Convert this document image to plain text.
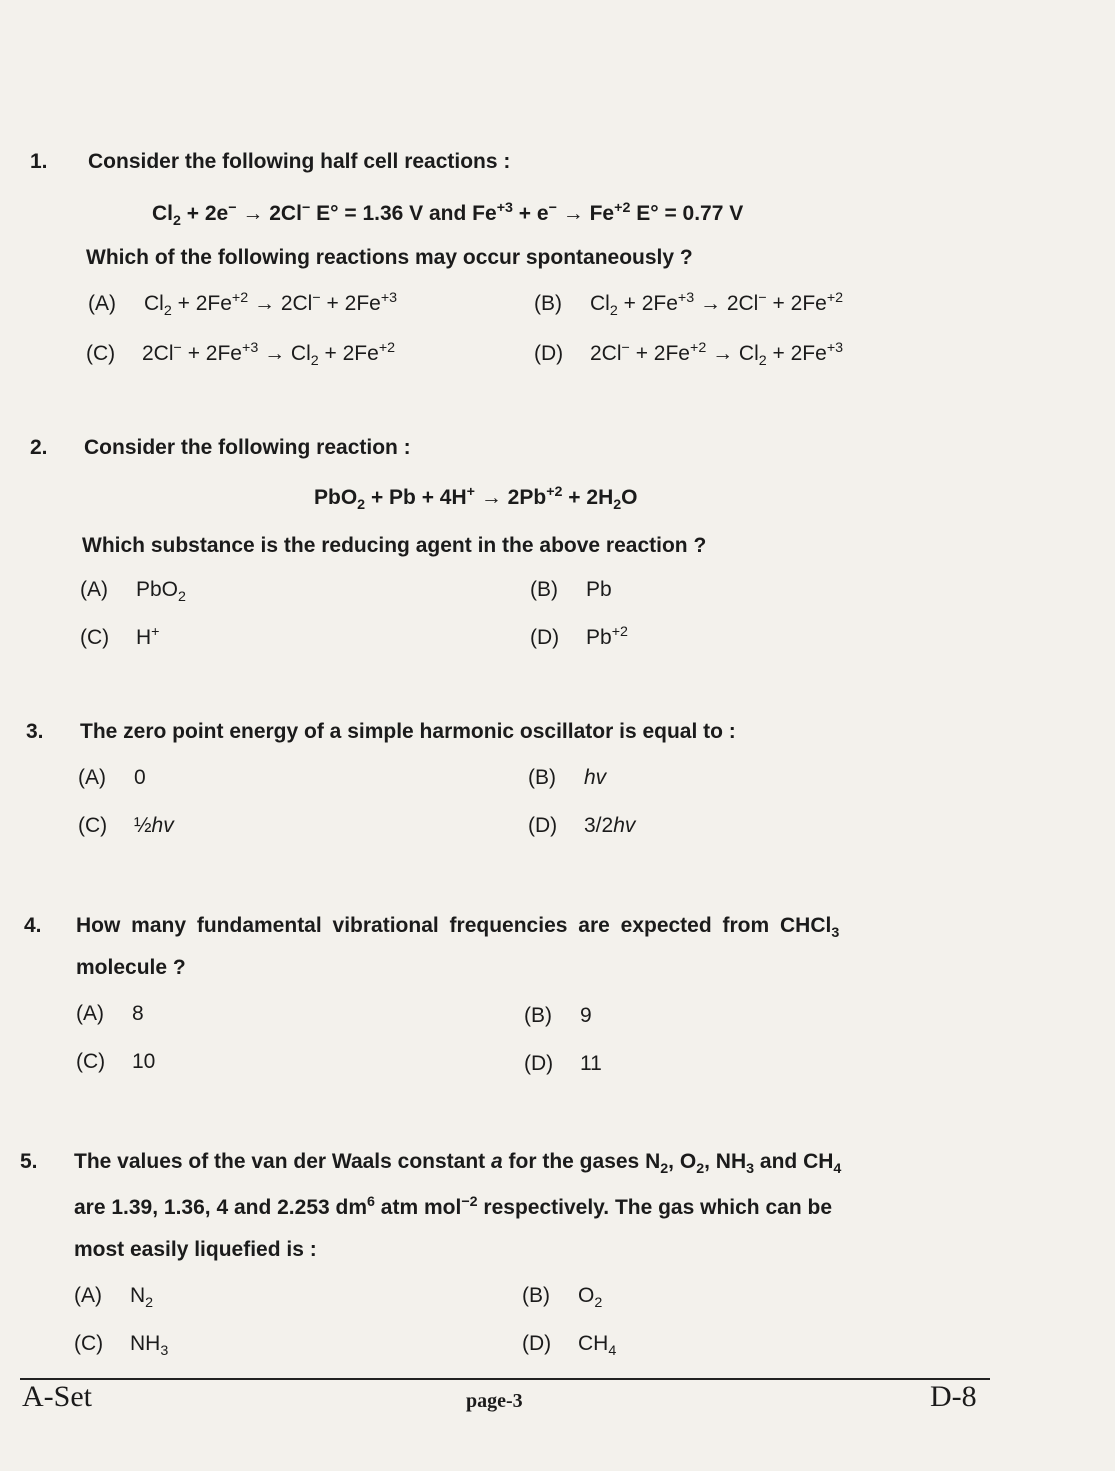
1. Consider the following half cell reactions :
$Cl_2 + 2e^- \to 2Cl^-$ E° = 1.36 V and $Fe^{+3} + e^- \to Fe^{+2}$ E° = 0.77 V
Which of the following reactions may occur spontaneously ?
(A) $Cl_2 + 2Fe^{+2} \to 2Cl^- + 2Fe^{+3}$	(B) $Cl_2 + 2Fe^{+3} \to 2Cl^- + 2Fe^{+2}$
(C) $2Cl^- + 2Fe^{+3} \to Cl_2 + 2Fe^{+2}$	(D) $2Cl^- + 2Fe^{+2} \to Cl_2 + 2Fe^{+3}$
2. Consider the following reaction :
$PbO_2 + Pb + 4H^+ \to 2Pb^{+2} + 2H_2O$
Which substance is the reducing agent in the above reaction ?
(A) PbO$_2$	(B) Pb
(C) H+	(D) $Pb^{+2}$
3. The zero point energy of a simple harmonic oscillator is equal to :
(A) 0	(B) hv
(C) ½hv	(D) 3/2hv
4. How many fundamental vibrational frequencies are expected from CHCl$_3$
molecule ?
(A) 8	(B) 9
(C) 10	(D) 11
5. The values of the van der Waals constant a for the gases $N_2$, $O_2$, $NH_3$ and $CH_4$
are 1.39, 1.36, 4 and 2.253 $dm^6$ atm mol$^{-2}$ respectively. The gas which can be
most easily liquefied is :
(A) $N_2$	(B) $O_2$
(C) $NH_3$	(D) $CH_4$
A-Set	page-3	D-8
